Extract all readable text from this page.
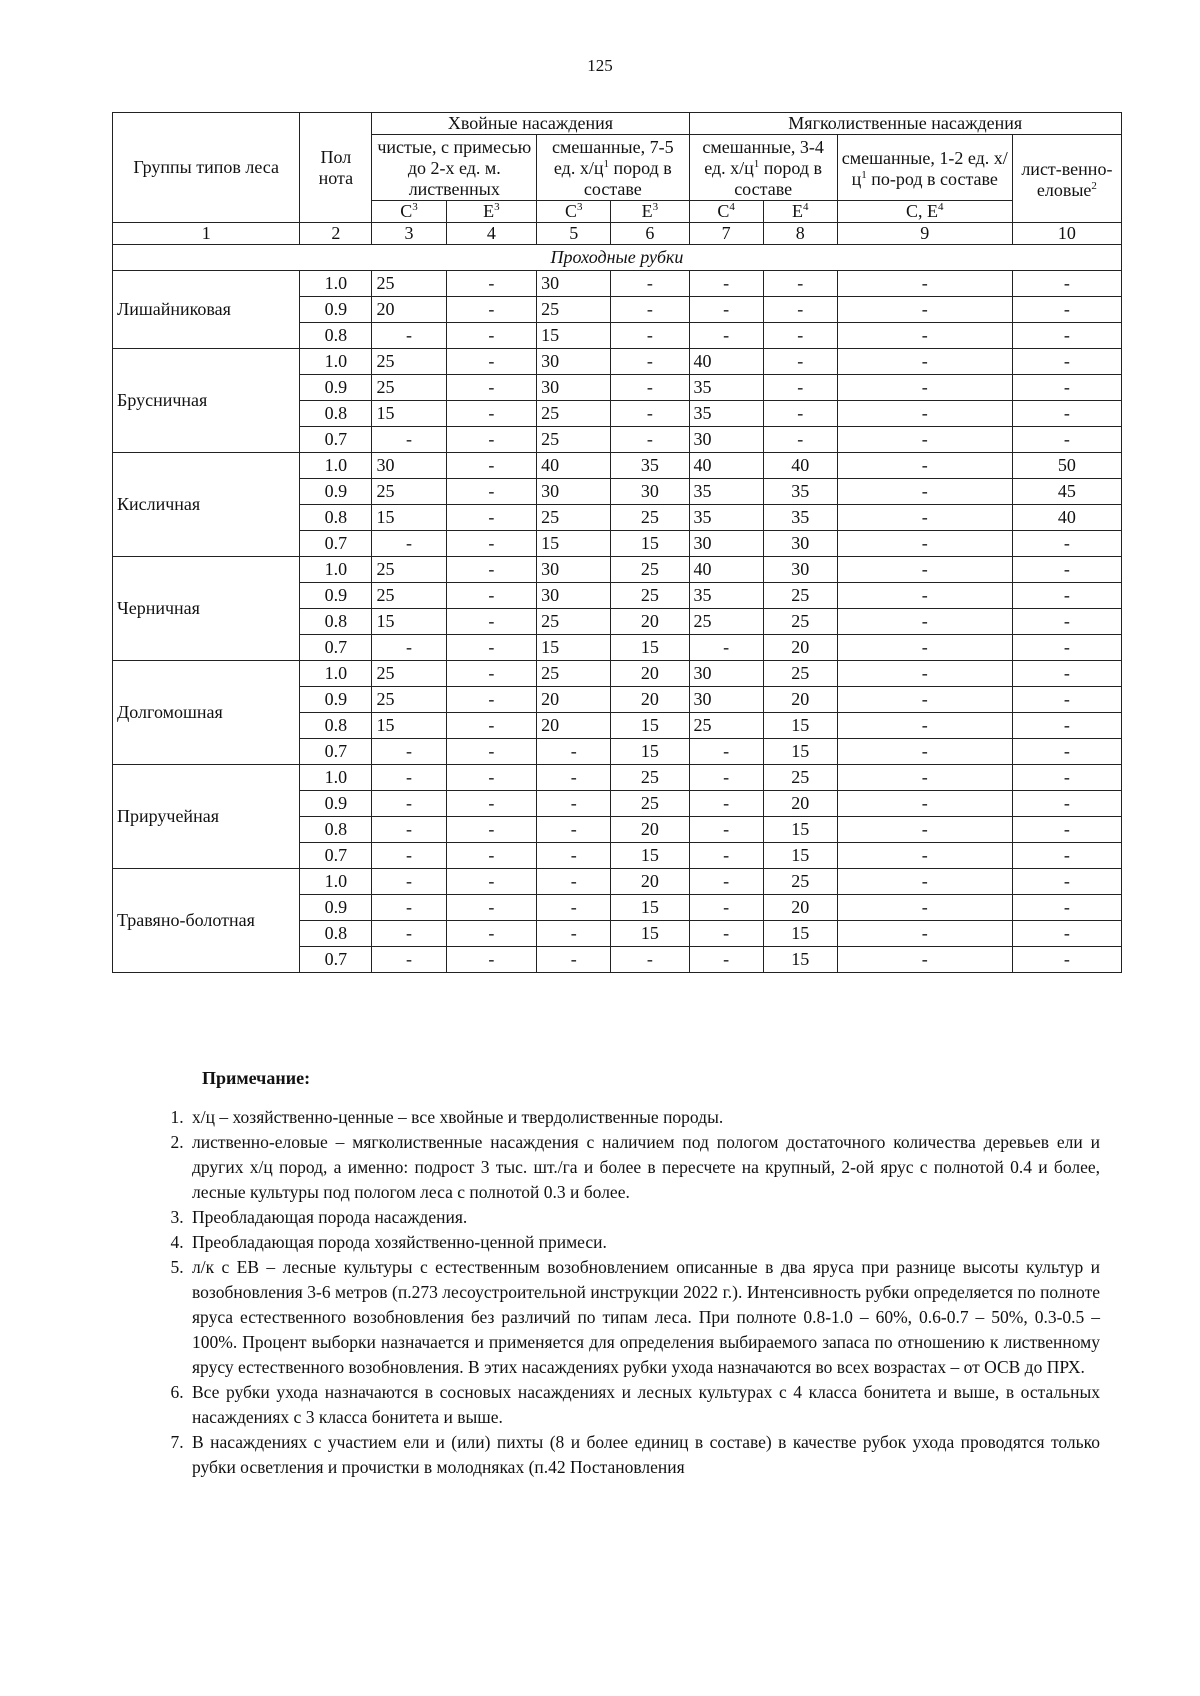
125
Группы типов леса	Пол нота	Хвойные насаждения				Мягколиственные насаждения			
		чистые, с примесью до 2-х ед. м. лиственных		смешанные, 7-5 ед. $х/ц^1$ пород в составе		смешанные, 3-4 ед. $х/ц^1$ пород в составе		смешанные, 1-2 ед. $х/ц^1$ по-род в составе	лист-венно-еловые$^2$
		$С^3$	$Е^3$	$С^3$	$Е^3$	$С^4$	$Е^4$	С, $Е^4$
1	2	3	4	5	6	7	8	9	10
Проходные рубки									
Лишайниковая	1.0	25	-	30	-	-	-	-	-
	0.9	20	-	25	-	-	-	-	-
	0.8	-	-	15	-	-	-	-	-
Брусничная	1.0	25	-	30	-	40	-	-	-
	0.9	25	-	30	-	35	-	-	-
	0.8	15	-	25	-	35	-	-	-
	0.7	-	-	25	-	30	-	-	-
Кисличная	1.0	30	-	40	35	40	40	-	50
	0.9	25	-	30	30	35	35	-	45
	0.8	15	-	25	25	35	35	-	40
	0.7	-	-	15	15	30	30	-	-
Черничная	1.0	25	-	30	25	40	30	-	-
	0.9	25	-	30	25	35	25	-	-
	0.8	15	-	25	20	25	25	-	-
	0.7	-	-	15	15	-	20	-	-
Долгомошная	1.0	25	-	25	20	30	25	-	-
	0.9	25	-	20	20	30	20	-	-
	0.8	15	-	20	15	25	15	-	-
	0.7	-	-	-	15	-	15	-	-
Приручейная	1.0	-	-	-	25	-	25	-	-
	0.9	-	-	-	25	-	20	-	-
	0.8	-	-	-	20	-	15	-	-
	0.7	-	-	-	15	-	15	-	-
Травяно-болотная	1.0	-	-	-	20	-	25	-	-
	0.9	-	-	-	15	-	20	-	-
	0.8	-	-	-	15	-	15	-	-
	0.7	-	-	-	-	-	15	-	-
Примечание:
1. х/ц – хозяйственно-ценные – все хвойные и твердолиственные породы.
2. лиственно-еловые – мягколиственные насаждения с наличием под пологом достаточного количества деревьев ели и других х/ц пород, а именно: подрост 3 тыс. шт./га и более в пересчете на крупный, 2-ой ярус с полнотой 0.4 и более, лесные культуры под пологом леса с полнотой 0.3 и более.
3. Преобладающая порода насаждения.
4. Преобладающая порода хозяйственно-ценной примеси.
5. л/к с ЕВ – лесные культуры с естественным возобновлением описанные в два яруса при разнице высоты культур и возобновления 3-6 метров (п.273 лесоустроительной инструкции 2022 г.). Интенсивность рубки определяется по полноте яруса естественного возобновления без различий по типам леса. При полноте 0.8-1.0 – 60%, 0.6-0.7 – 50%, 0.3-0.5 – 100%. Процент выборки назначается и применяется для определения выбираемого запаса по отношению к лиственному ярусу естественного возобновления. В этих насаждениях рубки ухода назначаются во всех возрастах – от ОСВ до ПРХ.
6. Все рубки ухода назначаются в сосновых насаждениях и лесных культурах с 4 класса бонитета и выше, в остальных насаждениях с 3 класса бонитета и выше.
7. В насаждениях с участием ели и (или) пихты (8 и более единиц в составе) в качестве рубок ухода проводятся только рубки осветления и прочистки в молодняках (п.42 Постановления
